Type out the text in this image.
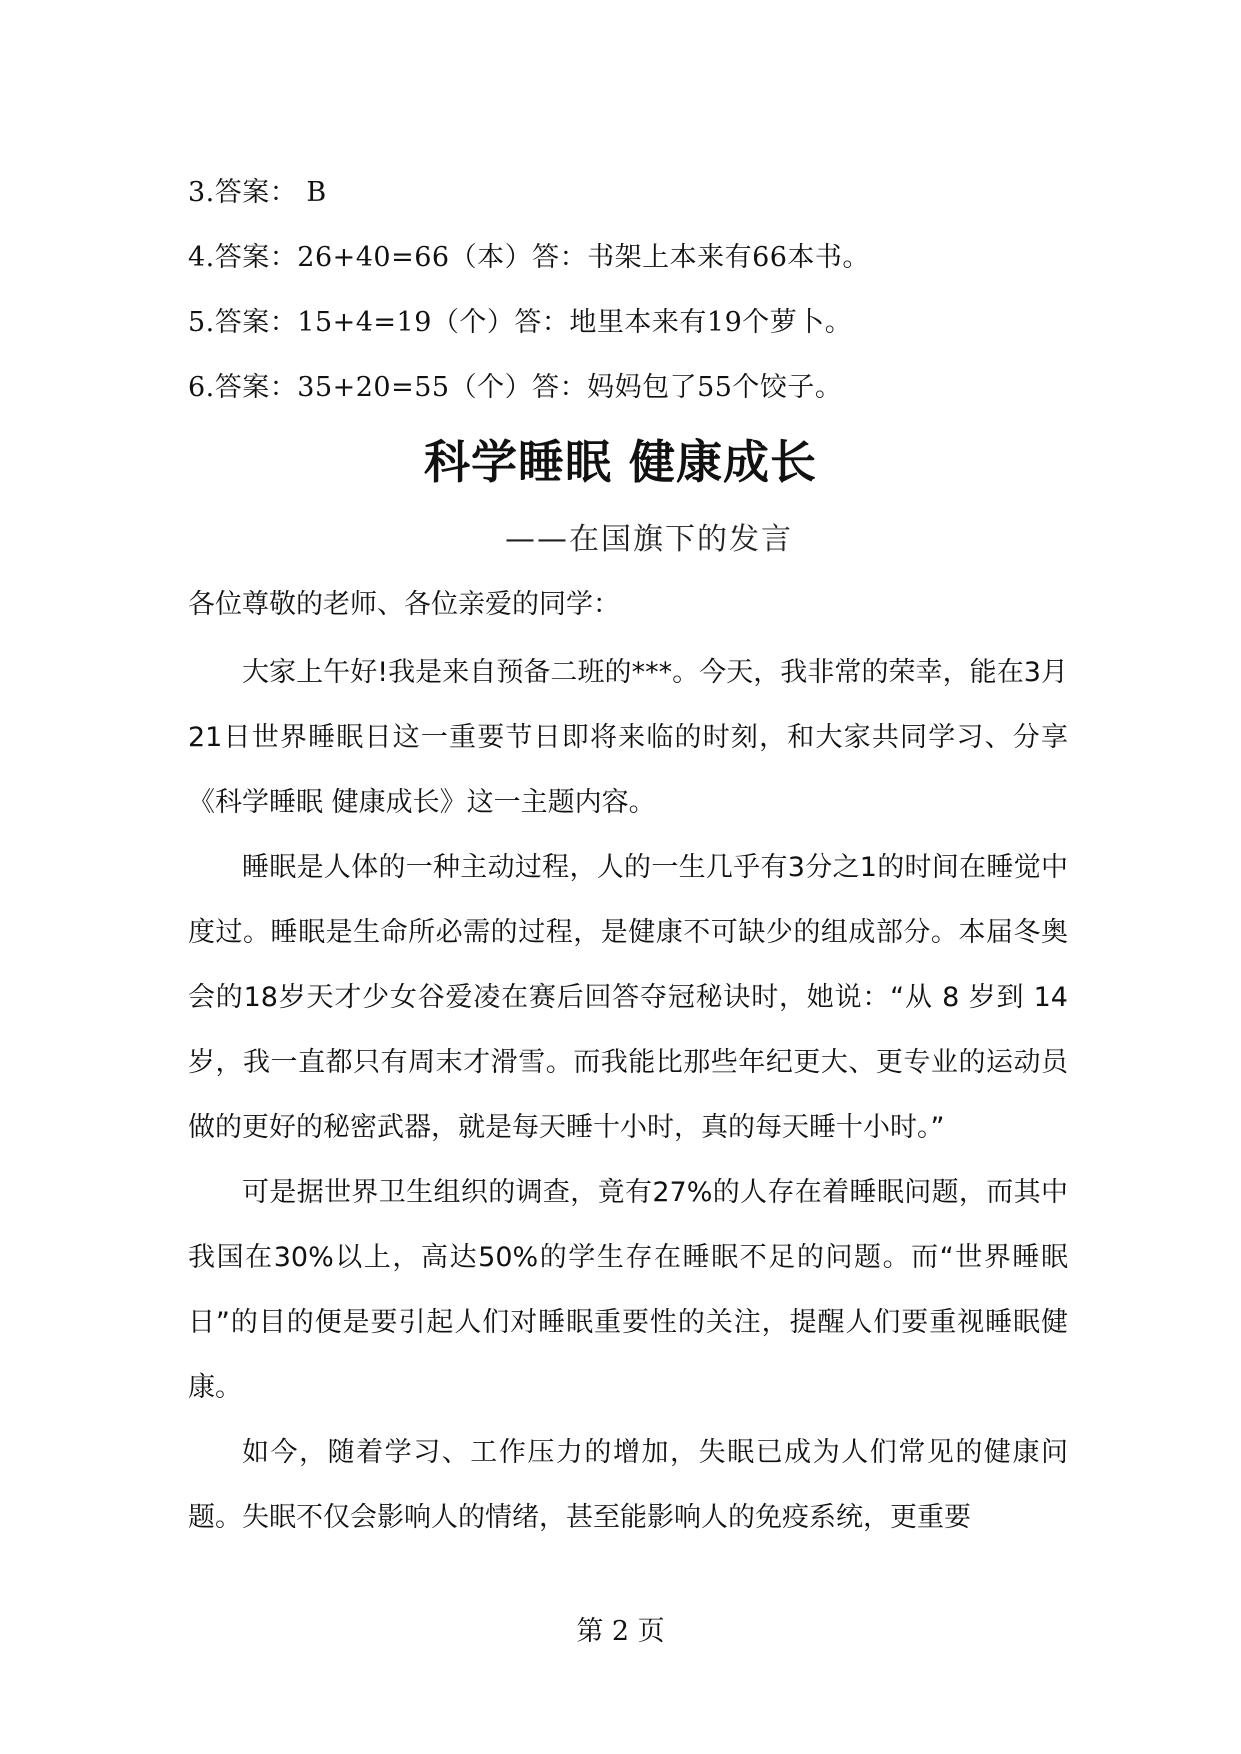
3.答案： B
4.答案：26+40=66（本）答：书架上本来有66本书。
5.答案：15+4=19（个）答：地里本来有19个萝卜。
6.答案：35+20=55（个）答：妈妈包了55个饺子。
科学睡眠 健康成长
——在国旗下的发言
各位尊敬的老师、各位亲爱的同学：

大家上午好!我是来自预备二班的***。今天，我非常的荣幸，能在3月21日世界睡眠日这一重要节日即将来临的时刻，和大家共同学习、分享《科学睡眠 健康成长》这一主题内容。

睡眠是人体的一种主动过程，人的一生几乎有3分之1的时间在睡觉中度过。睡眠是生命所必需的过程，是健康不可缺少的组成部分。本届冬奥会的18岁天才少女谷爱凌在赛后回答夺冠秘诀时，她说：“从 8 岁到 14 岁，我一直都只有周末才滑雪。而我能比那些年纪更大、更专业的运动员做的更好的秘密武器，就是每天睡十小时，真的每天睡十小时。”

可是据世界卫生组织的调查，竟有27%的人存在着睡眠问题，而其中我国在30%以上，高达50%的学生存在睡眠不足的问题。而“世界睡眠日”的目的便是要引起人们对睡眠重要性的关注，提醒人们要重视睡眠健康。

如今，随着学习、工作压力的增加，失眠已成为人们常见的健康问题。失眠不仅会影响人的情绪，甚至能影响人的免疫系统，更重要

第 2 页
